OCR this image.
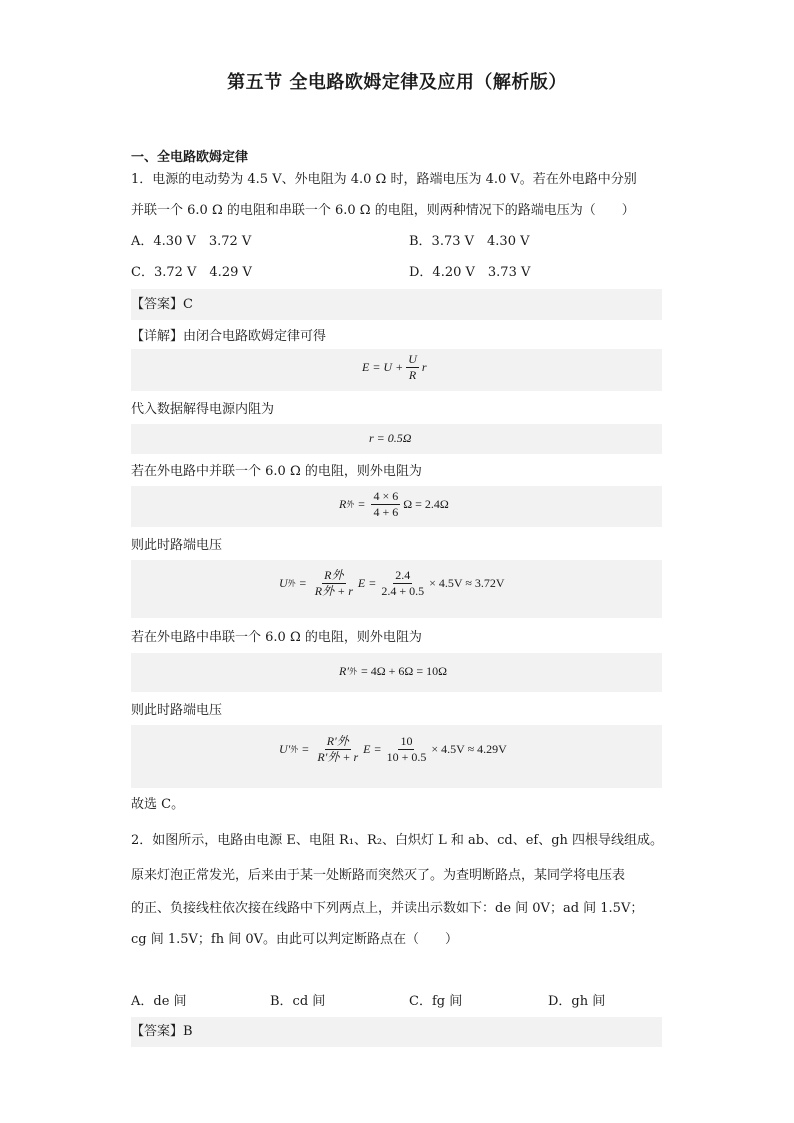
第五节 全电路欧姆定律及应用（解析版）
一、全电路欧姆定律
1．电源的电动势为 4.5 V、外电阻为 4.0 Ω 时，路端电压为 4.0 V。若在外电路中分别
并联一个 6.0 Ω 的电阻和串联一个 6.0 Ω 的电阻，则两种情况下的路端电压为（　　）
A．4.30 V　3.72 V	B．3.73 V　4.30 V
C．3.72 V　4.29 V	D．4.20 V　3.73 V
【答案】C
【详解】由闭合电路欧姆定律可得
$E = U + \frac{U}{R}$ r
代入数据解得电源内阻为
r = 0.5Ω
若在外电路中并联一个 6.0 Ω 的电阻，则外电阻为
R 外 = $\frac{4 \times 6}{4 + 6}$ Ω = 2.4Ω
则此时路端电压
U 外 = $\frac{\text{R外}}{\text{R外 + r}}$ $E = \frac{2.4}{2.4 + 0.5} \times 4.5V \approx 3.72V$
若在外电路中串联一个 6.0 Ω 的电阻，则外电阻为
R′ 外 = 4Ω + 6Ω = 10Ω
则此时路端电压
U′ 外 = $\frac{\text{R′外}}{\text{R′外 + r}}$ $E = \frac{10}{10 + 0.5} \times 4.5V \approx 4.29V$
故选 C。
2．如图所示，电路由电源 E、电阻 R₁、R₂、白炽灯 L 和 ab、cd、ef、gh 四根导线组成。
原来灯泡正常发光，后来由于某一处断路而突然灭了。为查明断路点，某同学将电压表
的正、负接线柱依次接在线路中下列两点上，并读出示数如下：de 间 0V；ad 间 1.5V；
cg 间 1.5V；fh 间 0V。由此可以判定断路点在（　　）
A．de 间	B．cd 间	C．fg 间	D．gh 间
【答案】B
